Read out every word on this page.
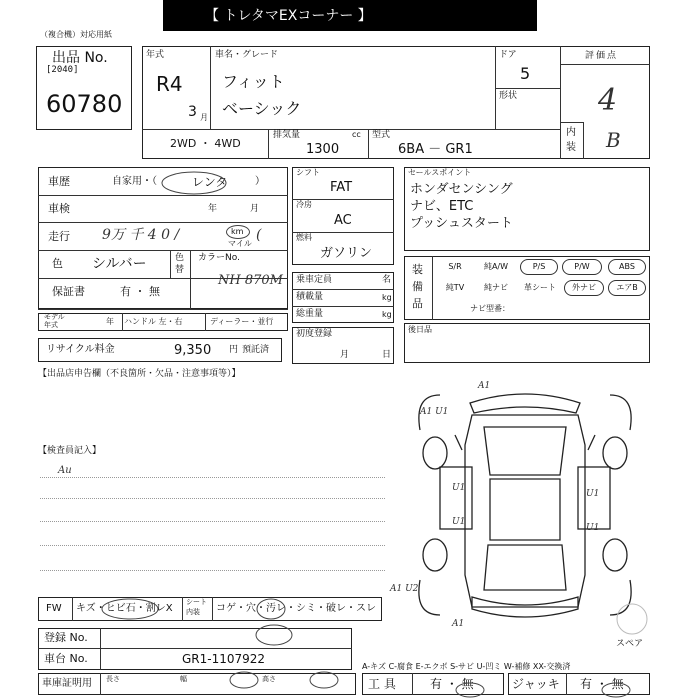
【 トレタマEXコーナー 】
（複合機）対応用紙
出品 No.
[2040]
60780
年式
R4
3 月
車名・グレード
フィット
ベーシック
ドア
5
形状
評価点
4
内
装 B
2WD ・ 4WD
排気量	cc
1300
型式
6BA － GR1
車歴	自家用・（	レンタ	）
車検	年	月
走行 9万 千 4 0 /	km
マイル
(
色 シルバー	色
替
カラーNo.
NH 870M
保証書	有 ・ 無
モデル
年式	年 ハンドル 左・右	ディーラー・並行
リサイクル料金	9,350 円 預託済
シフト
FAT
冷房
AC
燃料
ガソリン
乗車定員	名
積載量	kg
総重量	kg
初度登録
月	日
セールスポイント
ホンダセンシング
ナビ、ETC
プッシュスタート
装
備
品
S/R	純A/W	P/S	P/W	ABS
純TV	純ナビ	革シート	外ナビ	エアB
ナビ型番：
後日品
【出品店申告欄（不良箇所・欠品・注意事項等）】
【検査員記入】
Au
A1
A1 U1
U1
U1
U1
U1
A1 U2
A1
スペア
FW キズ・ヒビ石・割レX
シート
内装 コゲ・穴・汚レ・シミ・破レ・スレ
登録 No.
車台 No.	GR1-1107922
A-キズ C-腐食 E-エクボ S-サビ U-凹ミ W-補修 XX-交換済
車庫証明用 長さ	幅	高さ	工 具	有 ・ 無	ジャッキ 有 ・ 無
